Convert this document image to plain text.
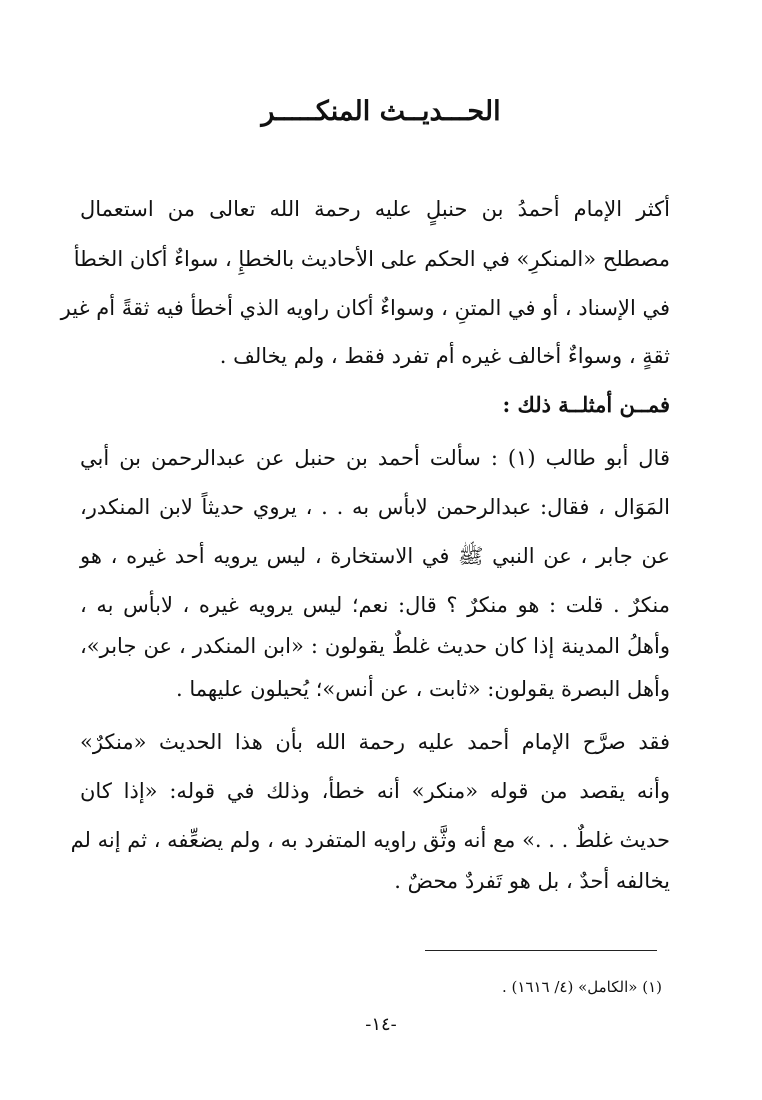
الحـــديــث المنكـــــر
أكثر الإمام أحمدُ بن حنبلٍ عليه رحمة الله تعالى من استعمال
مصطلح «المنكرِ» في الحكم على الأحاديث بالخطإِ ، سواءٌ أكان الخطأ
في الإسناد ، أو في المتنِ ، وسواءٌ أكان راويه الذي أخطأ فيه ثقةً أم غير
ثقةٍ ، وسواءٌ أخالف غيره أم تفرد فقط ، ولم يخالف .
فمــن أمثلــة ذلك :
قال أبو طالب (١) : سألت أحمد بن حنبل عن عبدالرحمن بن أبي
المَوَال ، فقال: عبدالرحمن لابأس به . . ، يروي حديثاً لابن المنكدر،
عن جابر ، عن النبي ﷺ في الاستخارة ، ليس يرويه أحد غيره ، هو
منكرٌ . قلت : هو منكرٌ ؟ قال: نعم؛ ليس يرويه غيره ، لابأس به ،
وأهلُ المدينة إذا كان حديث غلطٌ يقولون : «ابن المنكدر ، عن جابر»،
وأهل البصرة يقولون: «ثابت ، عن أنس»؛ يُحيلون عليهما .
فقد صرَّح الإمام أحمد عليه رحمة الله بأن هذا الحديث «منكرٌ»
وأنه يقصد من قوله «منكر» أنه خطأ، وذلك في قوله: «إذا كان
حديث غلطٌ . . .» مع أنه وثَّق راويه المتفرد به ، ولم يضعِّفه ، ثم إنه لم
يخالفه أحدٌ ، بل هو تَفردٌ محضٌ .
(١) «الكامل» (٤/ ١٦١٦) .
-١٤-
